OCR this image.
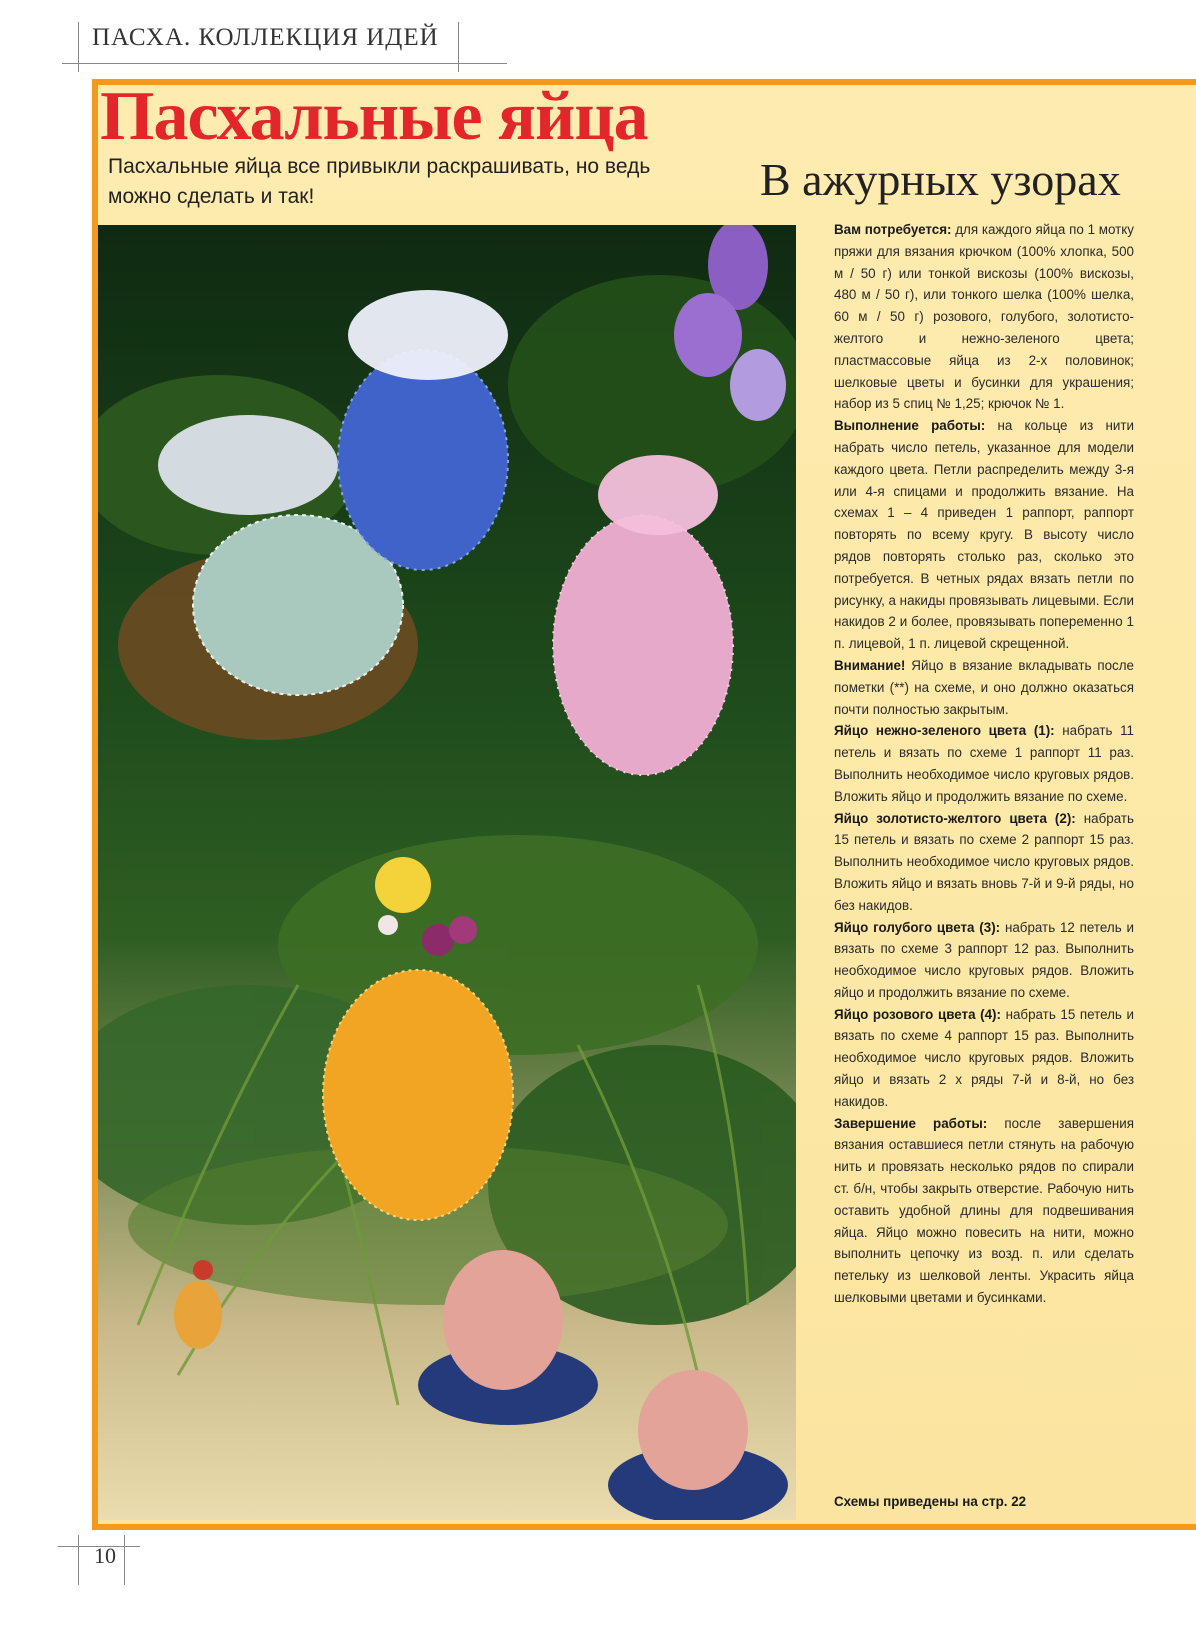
ПАСХА. КОЛЛЕКЦИЯ ИДЕЙ
Пасхальные яйца
Пасхальные яйца все привыкли раскрашивать, но ведь можно сделать и так!	В ажурных узорах

Вам потребуется: для каждого яйца по 1 мотку пряжи для вязания крючком (100% хлопка, 500 м / 50 г) или тонкой вискозы (100% вискозы, 480 м / 50 г), или тонкого шелка (100% шелка, 60 м / 50 г) розового, голубого, золотисто-желтого и нежно-зеленого цвета; пластмассовые яйца из 2-х половинок; шелковые цветы и бусинки для украшения; набор из 5 спиц № 1,25; крючок № 1.

Выполнение работы: на кольце из нити набрать число петель, указанное для модели каждого цвета. Петли распределить между 3-я или 4-я спицами и продолжить вязание. На схемах 1 – 4 приведен 1 раппорт, раппорт повторять по всему кругу. В высоту число рядов повторять столько раз, сколько это потребуется. В четных рядах вязать петли по рисунку, а накиды провязывать лицевыми. Если накидов 2 и более, провязывать попеременно 1 п. лицевой, 1 п. лицевой скрещенной.

Внимание! Яйцо в вязание вкладывать после пометки (**) на схеме, и оно должно оказаться почти полностью закрытым.

Яйцо нежно-зеленого цвета (1): набрать 11 петель и вязать по схеме 1 раппорт 11 раз. Выполнить необходимое число круговых рядов. Вложить яйцо и продолжить вязание по схеме.

Яйцо золотисто-желтого цвета (2): набрать 15 петель и вязать по схеме 2 раппорт 15 раз. Выполнить необходимое число круговых рядов. Вложить яйцо и вязать вновь 7-й и 9-й ряды, но без накидов.

Яйцо голубого цвета (3): набрать 12 петель и вязать по схеме 3 раппорт 12 раз. Выполнить необходимое число круговых рядов. Вложить яйцо и продолжить вязание по схеме.

Яйцо розового цвета (4): набрать 15 петель и вязать по схеме 4 раппорт 15 раз. Выполнить необходимое число круговых рядов. Вложить яйцо и вязать 2 х ряды 7-й и 8-й, но без накидов.

Завершение работы: после завершения вязания оставшиеся петли стянуть на рабочую нить и провязать несколько рядов по спирали ст. б/н, чтобы закрыть отверстие. Рабочую нить оставить удобной длины для подвешивания яйца. Яйцо можно повесить на нити, можно выполнить цепочку из возд. п. или сделать петельку из шелковой ленты. Украсить яйца шелковыми цветами и бусинками.

Схемы приведены на стр. 22
10
